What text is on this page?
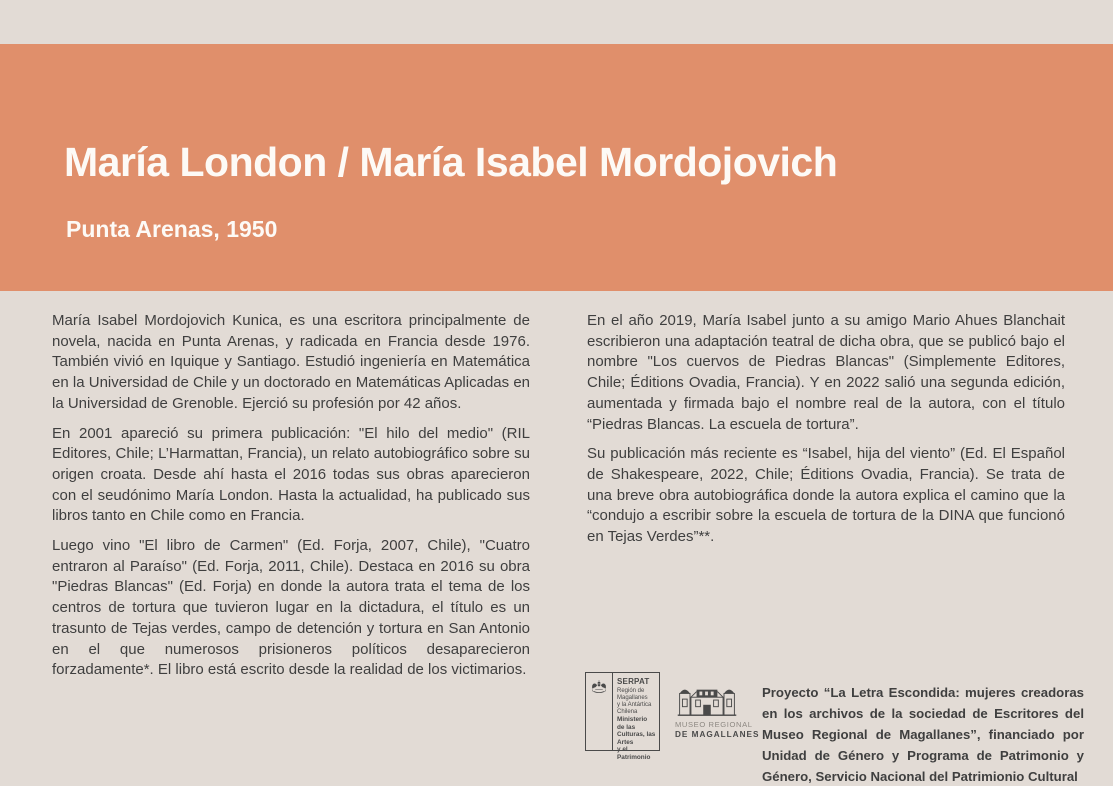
María London / María Isabel Mordojovich
Punta Arenas, 1950

María Isabel Mordojovich Kunica, es una escritora principalmente de novela, nacida en Punta Arenas, y radicada en Francia desde 1976. También vivió en Iquique y Santiago. Estudió ingeniería en Matemática en la Universidad de Chile y un doctorado en Matemáticas Aplicadas en la Universidad de Grenoble. Ejerció su profesión por 42 años.

En 2001 apareció su primera publicación: "El hilo del medio" (RIL Editores, Chile; L’Harmattan, Francia), un relato autobiográfico sobre su origen croata. Desde ahí hasta el 2016 todas sus obras aparecieron con el seudónimo María London. Hasta la actualidad, ha publicado sus libros tanto en Chile como en Francia.

Luego vino "El libro de Carmen" (Ed. Forja, 2007, Chile), "Cuatro entraron al Paraíso" (Ed. Forja, 2011, Chile). Destaca en 2016 su obra "Piedras Blancas" (Ed. Forja) en donde la autora trata el tema de los centros de tortura que tuvieron lugar en la dictadura, el título es un trasunto de Tejas verdes, campo de detención y tortura en San Antonio en el que numerosos prisioneros políticos desaparecieron forzadamente*. El libro está escrito desde la realidad de los victimarios.

En el año 2019, María Isabel junto a su amigo Mario Ahues Blanchait escribieron una adaptación teatral de dicha obra, que se publicó bajo el nombre "Los cuervos de Piedras Blancas" (Simplemente Editores, Chile; Éditions Ovadia, Francia). Y en 2022 salió una segunda edición, aumentada y firmada bajo el nombre real de la autora, con el título “Piedras Blancas. La escuela de tortura”.

Su publicación más reciente es “Isabel, hija del viento” (Ed. El Español de Shakespeare, 2022, Chile; Éditions Ovadia, Francia). Se trata de una breve obra autobiográfica donde la autora explica el camino que la “condujo a escribir sobre la escuela de tortura de la DINA que funcionó en Tejas Verdes”**.

SERPAT
Región de Magallanes
y la Antártica Chilena
Ministerio de las
Culturas, las Artes
y el Patrimonio
MUSEO REGIONAL
DE MAGALLANES
Proyecto “La Letra Escondida: mujeres creadoras en los archivos de la sociedad de Escritores del Museo Regional de Magallanes”, financiado por Unidad de Género y Programa de Patrimonio y Género, Servicio Nacional del Patrimionio Cultural
